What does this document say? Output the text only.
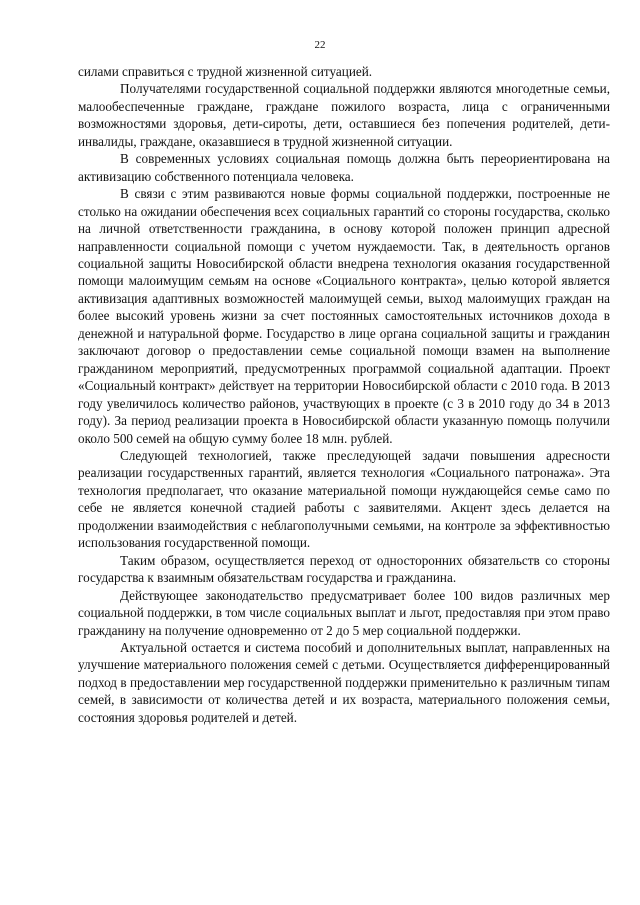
22

силами справиться с трудной жизненной ситуацией.

Получателями государственной социальной поддержки являются многодетные семьи, малообеспеченные граждане, граждане пожилого возраста, лица с ограниченными возможностями здоровья, дети-сироты, дети, оставшиеся без попечения родителей, дети-инвалиды, граждане, оказавшиеся в трудной жизненной ситуации.

В современных условиях социальная помощь должна быть переориентирована на активизацию собственного потенциала человека.

В связи с этим развиваются новые формы социальной поддержки, построенные не столько на ожидании обеспечения всех социальных гарантий со стороны государства, сколько на личной ответственности гражданина, в основу которой положен принцип адресной направленности социальной помощи с учетом нуждаемости. Так, в деятельность органов социальной защиты Новосибирской области внедрена технология оказания государственной помощи малоимущим семьям на основе «Социального контракта», целью которой является активизация адаптивных возможностей малоимущей семьи, выход малоимущих граждан на более высокий уровень жизни за счет постоянных самостоятельных источников дохода в денежной и натуральной форме. Государство в лице органа социальной защиты и гражданин заключают договор о предоставлении семье социальной помощи взамен на выполнение гражданином мероприятий, предусмотренных программой социальной адаптации. Проект «Социальный контракт» действует на территории Новосибирской области с 2010 года. В 2013 году увеличилось количество районов, участвующих в проекте (с 3 в 2010 году до 34 в 2013 году). За период реализации проекта в Новосибирской области указанную помощь получили около 500 семей на общую сумму более 18 млн. рублей.

Следующей технологией, также преследующей задачи повышения адресности реализации государственных гарантий, является технология «Социального патронажа». Эта технология предполагает, что оказание материальной помощи нуждающейся семье само по себе не является конечной стадией работы с заявителями. Акцент здесь делается на продолжении взаимодействия с неблагополучными семьями, на контроле за эффективностью использования государственной помощи.

Таким образом, осуществляется переход от односторонних обязательств со стороны государства к взаимным обязательствам государства и гражданина.

Действующее законодательство предусматривает более 100 видов различных мер социальной поддержки, в том числе социальных выплат и льгот, предоставляя при этом право гражданину на получение одновременно от 2 до 5 мер социальной поддержки.

Актуальной остается и система пособий и дополнительных выплат, направленных на улучшение материального положения семей с детьми. Осуществляется дифференцированный подход в предоставлении мер государственной поддержки применительно к различным типам семей, в зависимости от количества детей и их возраста, материального положения семьи, состояния здоровья родителей и детей.
